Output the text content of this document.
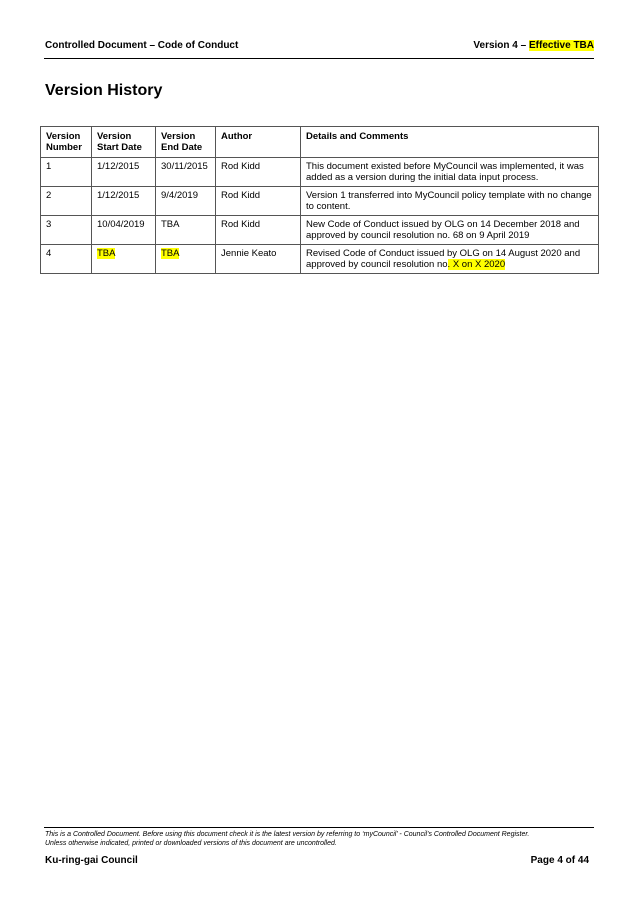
Controlled Document – Code of Conduct	Version 4 – Effective TBA
Version History
Version Number	Version Start Date	Version End Date	Author	Details and Comments
1	1/12/2015	30/11/2015	Rod Kidd	This document existed before MyCouncil was implemented, it was added as a version during the initial data input process.
2	1/12/2015	9/4/2019	Rod Kidd	Version 1 transferred into MyCouncil policy template with no change to content.
3	10/04/2019	TBA	Rod Kidd	New Code of Conduct issued by OLG on 14 December 2018 and approved by council resolution no. 68 on 9 April 2019
4	TBA	TBA	Jennie Keato	Revised Code of Conduct issued by OLG on 14 August 2020 and approved by council resolution no. X on X 2020
This is a Controlled Document. Before using this document check it is the latest version by referring to ‘myCouncil’ - Council’s Controlled Document Register.
Unless otherwise indicated, printed or downloaded versions of this document are uncontrolled.
Ku-ring-gai Council	Page 4 of 44
